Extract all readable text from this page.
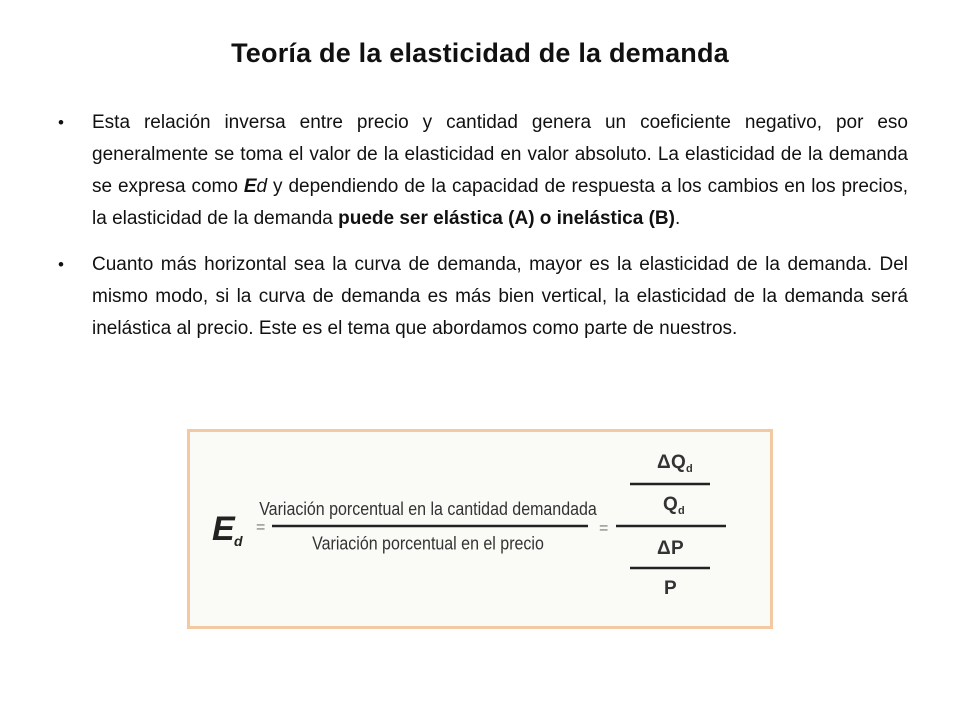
Teoría de la elasticidad de la demanda
• Esta relación inversa entre precio y cantidad genera un coeficiente negativo, por eso generalmente se toma el valor de la elasticidad en valor absoluto. La elasticidad de la demanda se expresa como Ed y dependiendo de la capacidad de respuesta a los cambios en los precios, la elasticidad de la demanda puede ser elástica (A) o inelástica (B).
• Cuanto más horizontal sea la curva de demanda, mayor es la elasticidad de la demanda. Del mismo modo, si la curva de demanda es más bien vertical, la elasticidad de la demanda será inelástica al precio. Este es el tema que abordamos como parte de nuestros.
E d
=
Variación porcentual en la cantidad demandada
Variación porcentual en el precio
=
Δ Q d
Q d
Δ P
P
